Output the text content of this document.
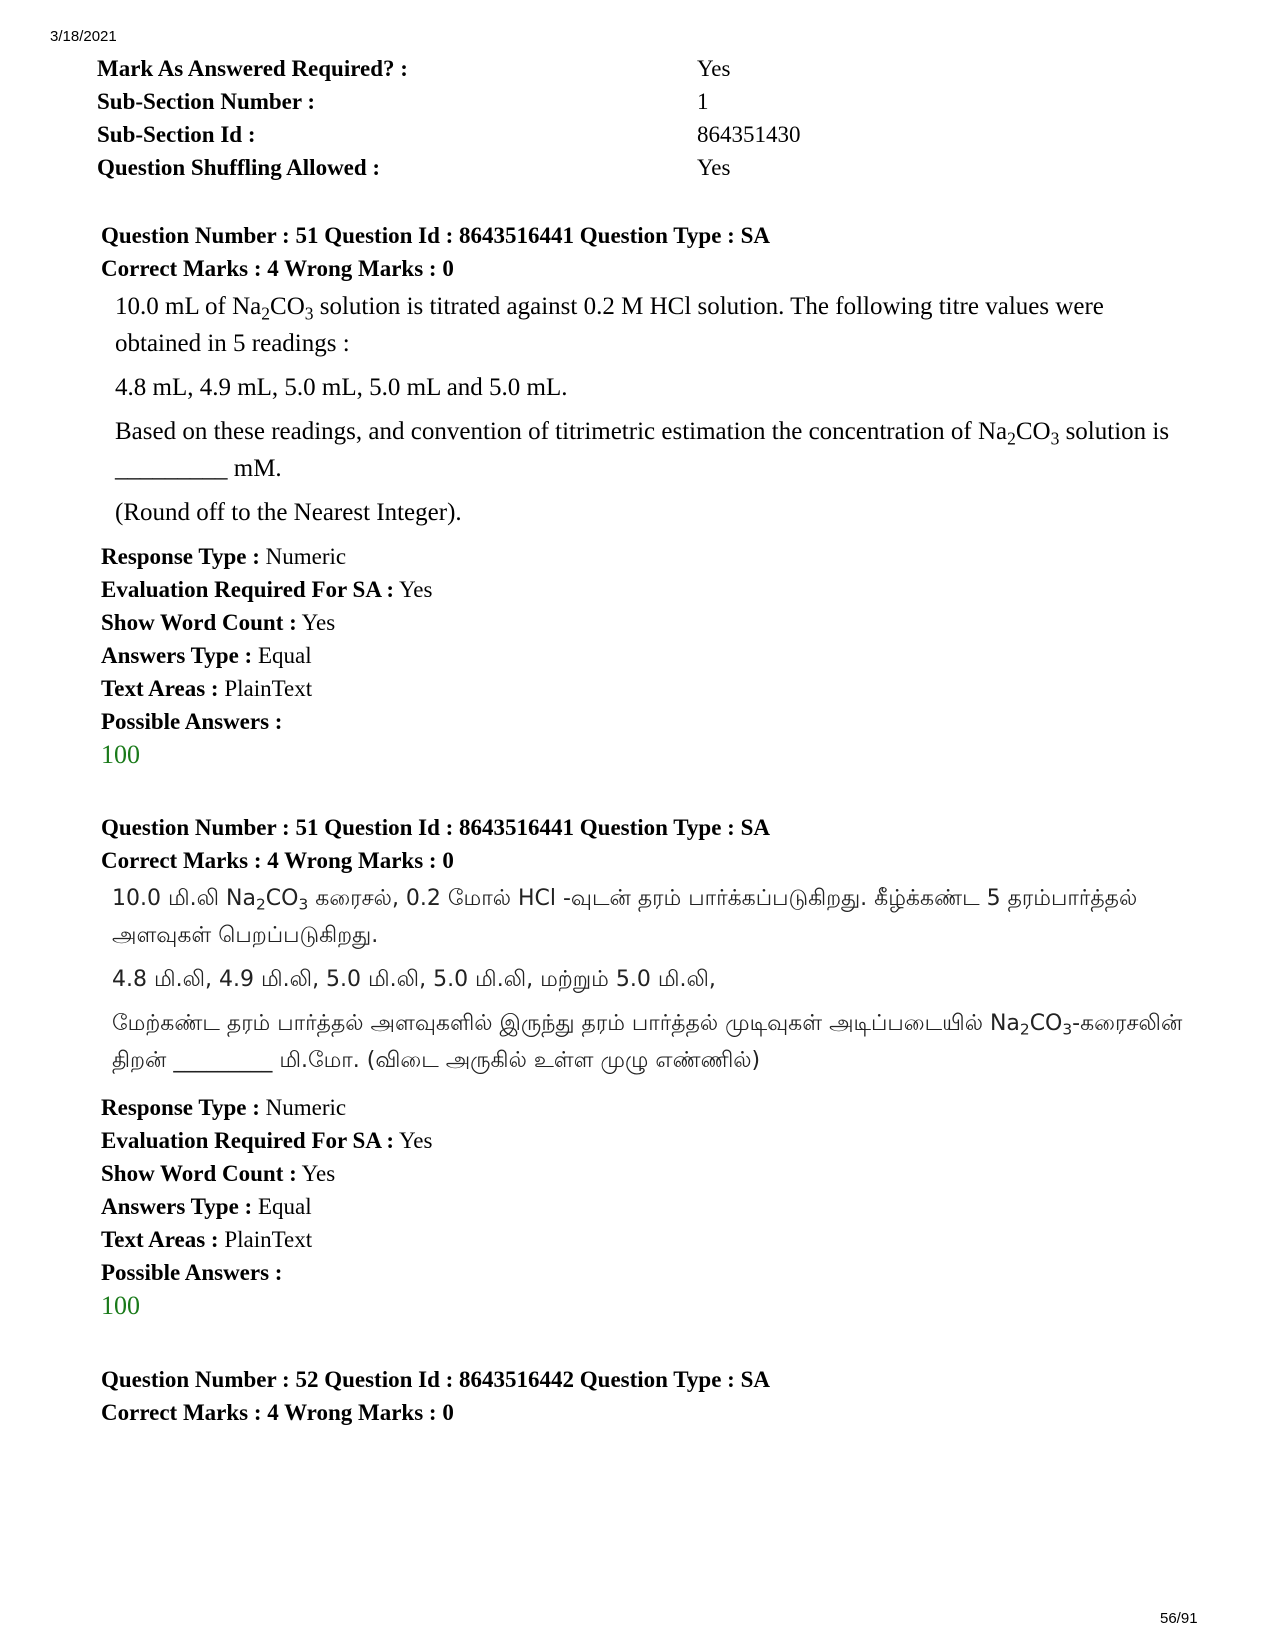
3/18/2021
Mark As Answered Required? :	Yes
Sub-Section Number :	1
Sub-Section Id :	864351430
Question Shuffling Allowed :	Yes
Question Number : 51 Question Id : 8643516441 Question Type : SA
Correct Marks : 4 Wrong Marks : 0

10.0 mL of $Na_2CO_3$ solution is titrated against 0.2 M HCl solution. The following titre values were obtained in 5 readings :

4.8 mL, 4.9 mL, 5.0 mL, 5.0 mL and 5.0 mL.

Based on these readings, and convention of titrimetric estimation the concentration of $Na_2CO_3$ solution is _________ mM.

(Round off to the Nearest Integer).

Response Type : Numeric
Evaluation Required For SA : Yes
Show Word Count : Yes
Answers Type : Equal
Text Areas : PlainText
Possible Answers :
100
Question Number : 51 Question Id : 8643516441 Question Type : SA
Correct Marks : 4 Wrong Marks : 0

10.0 மி.லி $Na_2CO_3$ கரைசல், 0.2 மோல் HCl -வுடன் தரம் பார்க்கப்படுகிறது. கீழ்க்கண்ட 5 தரம்பார்த்தல் அளவுகள் பெறப்படுகிறது.

4.8 மி.லி, 4.9 மி.லி, 5.0 மி.லி, 5.0 மி.லி, மற்றும் 5.0 மி.லி,

மேற்கண்ட தரம் பார்த்தல் அளவுகளில் இருந்து தரம் பார்த்தல் முடிவுகள் அடிப்படையில் $Na_2CO_3-கரைசலின்$ திறன் _________ மி.மோ. (விடை அருகில் உள்ள முழு எண்ணில்)

Response Type : Numeric
Evaluation Required For SA : Yes
Show Word Count : Yes
Answers Type : Equal
Text Areas : PlainText
Possible Answers :
100
Question Number : 52 Question Id : 8643516442 Question Type : SA
Correct Marks : 4 Wrong Marks : 0
56/91
